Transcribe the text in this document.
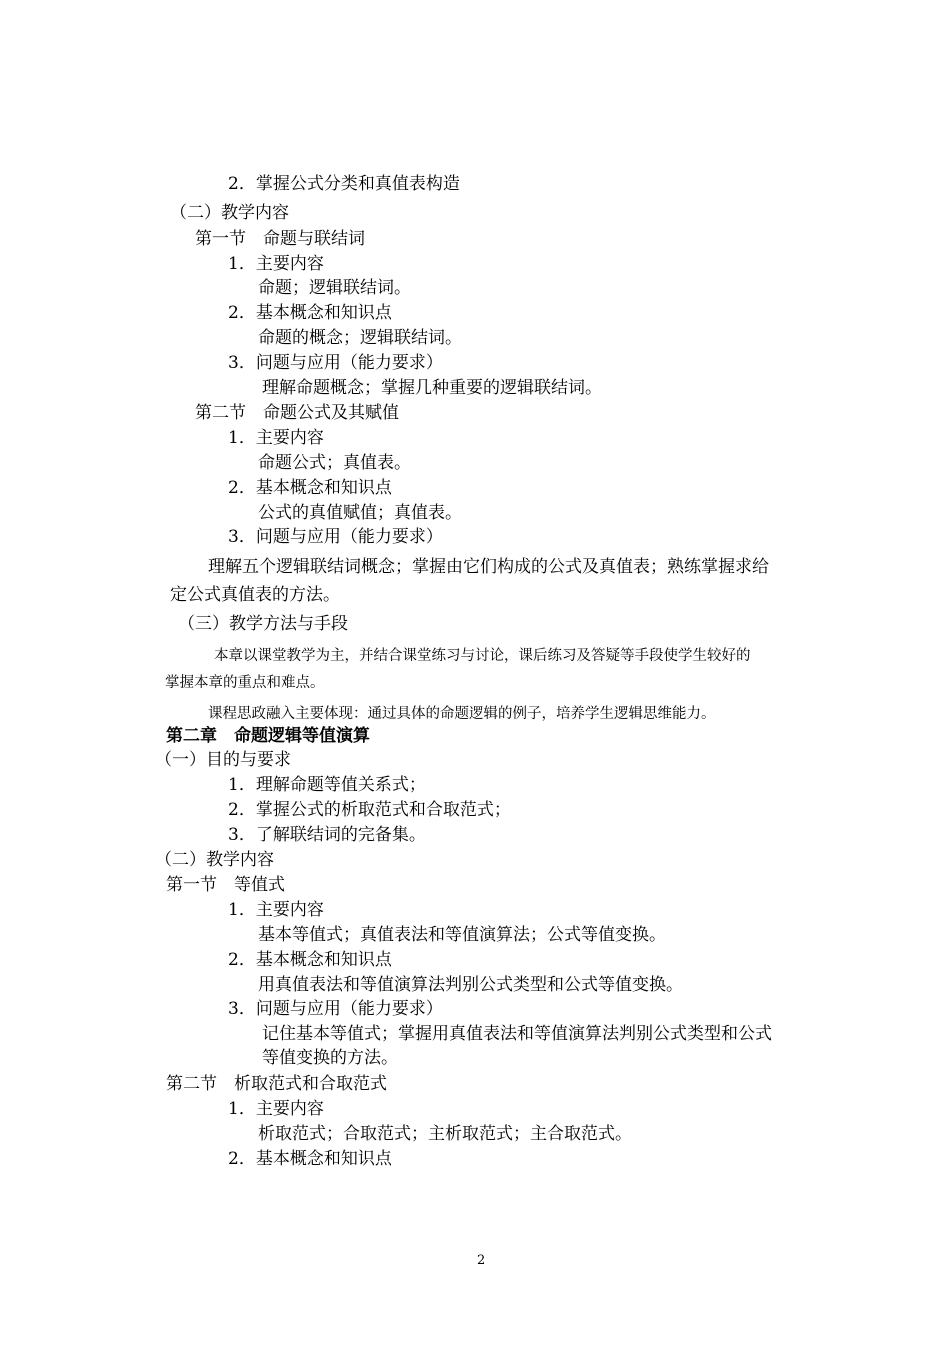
2．掌握公式分类和真值表构造
（二）教学内容
第一节　命题与联结词
1．主要内容
命题；逻辑联结词。
2．基本概念和知识点
命题的概念；逻辑联结词。
3．问题与应用（能力要求）
理解命题概念；掌握几种重要的逻辑联结词。
第二节　命题公式及其赋值
1．主要内容
命题公式；真值表。
2．基本概念和知识点
公式的真值赋值；真值表。
3．问题与应用（能力要求）
理解五个逻辑联结词概念；掌握由它们构成的公式及真值表；熟练掌握求给
定公式真值表的方法。
（三）教学方法与手段
本章以课堂教学为主，并结合课堂练习与讨论，课后练习及答疑等手段使学生较好的
掌握本章的重点和难点。
课程思政融入主要体现：通过具体的命题逻辑的例子，培养学生逻辑思维能力。
第二章　命题逻辑等值演算
（一）目的与要求
1．理解命题等值关系式；
2．掌握公式的析取范式和合取范式；
3．了解联结词的完备集。
（二）教学内容
第一节　等值式
1．主要内容
基本等值式；真值表法和等值演算法；公式等值变换。
2．基本概念和知识点
用真值表法和等值演算法判别公式类型和公式等值变换。
3．问题与应用（能力要求）
记住基本等值式；掌握用真值表法和等值演算法判别公式类型和公式
等值变换的方法。
第二节　析取范式和合取范式
1．主要内容
析取范式；合取范式；主析取范式；主合取范式。
2．基本概念和知识点
2
